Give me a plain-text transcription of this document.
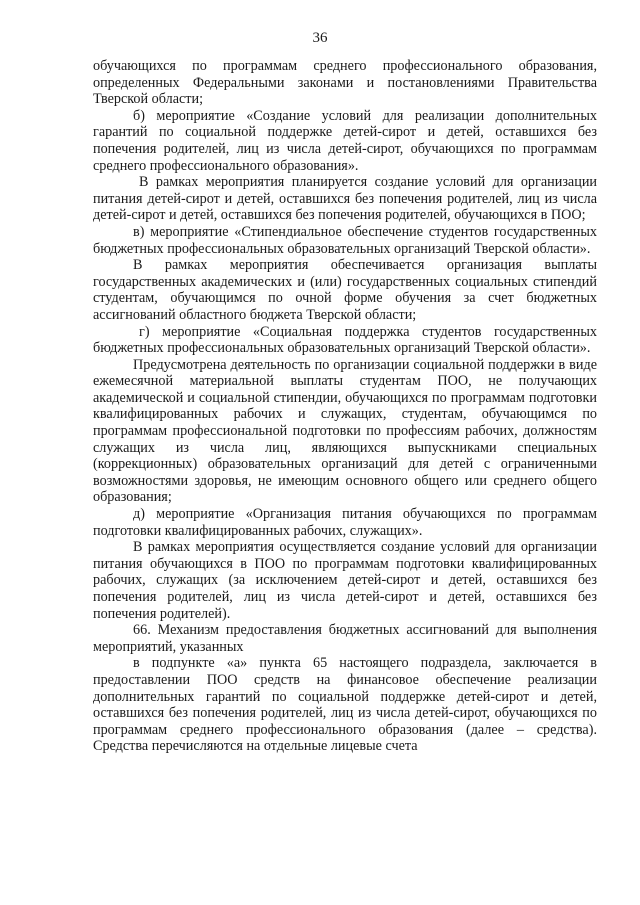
36

обучающихся по программам среднего профессионального образования, определенных Федеральными законами и постановлениями Правительства Тверской области;

б) мероприятие «Создание условий для реализации дополнительных гарантий по социальной поддержке детей-сирот и детей, оставшихся без попечения родителей, лиц из числа детей-сирот, обучающихся по программам среднего профессионального образования».

В рамках мероприятия планируется создание условий для организации питания детей-сирот и детей, оставшихся без попечения родителей, лиц из числа детей-сирот и детей, оставшихся без попечения родителей, обучающихся в ПОО;

в) мероприятие «Стипендиальное обеспечение студентов государственных бюджетных профессиональных образовательных организаций Тверской области».

В рамках мероприятия обеспечивается организация выплаты государственных академических и (или) государственных социальных стипендий студентам, обучающимся по очной форме обучения за счет бюджетных ассигнований областного бюджета Тверской области;

г) мероприятие «Социальная поддержка студентов государственных бюджетных профессиональных образовательных организаций Тверской области».

Предусмотрена деятельность по организации социальной поддержки в виде ежемесячной материальной выплаты студентам ПОО, не получающих академической и социальной стипендии, обучающихся по программам подготовки квалифицированных рабочих и служащих, студентам, обучающимся по программам профессиональной подготовки по профессиям рабочих, должностям служащих из числа лиц, являющихся выпускниками специальных (коррекционных) образовательных организаций для детей с ограниченными возможностями здоровья, не имеющим основного общего или среднего общего образования;

д) мероприятие «Организация питания обучающихся по программам подготовки квалифицированных рабочих, служащих».

В рамках мероприятия осуществляется создание условий для организации питания обучающихся в ПОО по программам подготовки квалифицированных рабочих, служащих (за исключением детей-сирот и детей, оставшихся без попечения родителей, лиц из числа детей-сирот и детей, оставшихся без попечения родителей).

66. Механизм предоставления бюджетных ассигнований для выполнения мероприятий, указанных

в подпункте «а» пункта 65 настоящего подраздела, заключается в предоставлении ПОО средств на финансовое обеспечение реализации дополнительных гарантий по социальной поддержке детей-сирот и детей, оставшихся без попечения родителей, лиц из числа детей-сирот, обучающихся по программам среднего профессионального образования (далее – средства). Средства перечисляются на отдельные лицевые счета
